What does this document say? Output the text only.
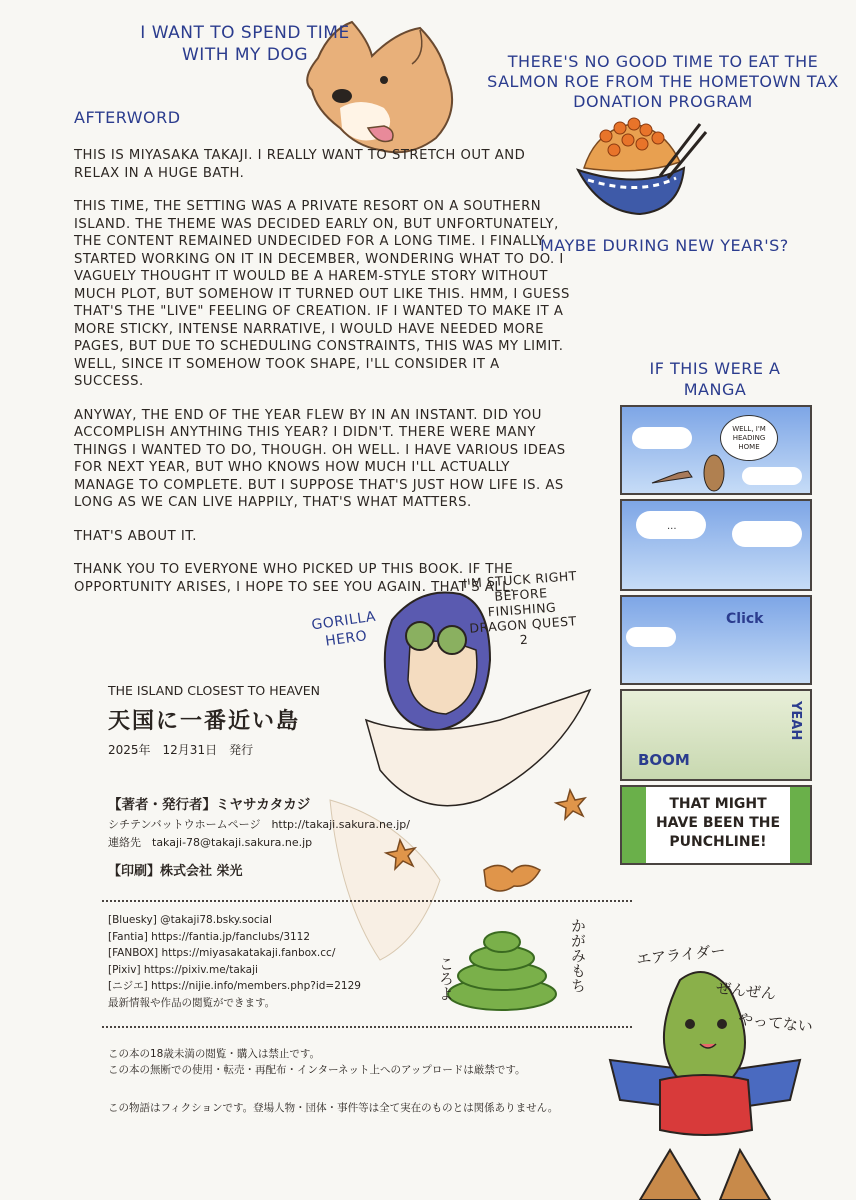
I WANT TO SPEND TIME WITH MY DOG	THERE'S NO GOOD TIME TO EAT THE SALMON ROE FROM THE HOMETOWN TAX DONATION PROGRAM
MAYBE DURING NEW YEAR'S?
IF THIS WERE A MANGA
AFTERWORD

THIS IS MIYASAKA TAKAJI. I REALLY WANT TO STRETCH OUT AND RELAX IN A HUGE BATH.

THIS TIME, THE SETTING WAS A PRIVATE RESORT ON A SOUTHERN ISLAND. THE THEME WAS DECIDED EARLY ON, BUT UNFORTUNATELY, THE CONTENT REMAINED UNDECIDED FOR A LONG TIME. I FINALLY STARTED WORKING ON IT IN DECEMBER, WONDERING WHAT TO DO. I VAGUELY THOUGHT IT WOULD BE A HAREM-STYLE STORY WITHOUT MUCH PLOT, BUT SOMEHOW IT TURNED OUT LIKE THIS. HMM, I GUESS THAT'S THE "LIVE" FEELING OF CREATION. IF I WANTED TO MAKE IT A MORE STICKY, INTENSE NARRATIVE, I WOULD HAVE NEEDED MORE PAGES, BUT DUE TO SCHEDULING CONSTRAINTS, THIS WAS MY LIMIT. WELL, SINCE IT SOMEHOW TOOK SHAPE, I'LL CONSIDER IT A SUCCESS.

ANYWAY, THE END OF THE YEAR FLEW BY IN AN INSTANT. DID YOU ACCOMPLISH ANYTHING THIS YEAR? I DIDN'T. THERE WERE MANY THINGS I WANTED TO DO, THOUGH. OH WELL. I HAVE VARIOUS IDEAS FOR NEXT YEAR, BUT WHO KNOWS HOW MUCH I'LL ACTUALLY MANAGE TO COMPLETE. BUT I SUPPOSE THAT'S JUST HOW LIFE IS. AS LONG AS WE CAN LIVE HAPPILY, THAT'S WHAT MATTERS.

THAT'S ABOUT IT.

THANK YOU TO EVERYONE WHO PICKED UP THIS BOOK. IF THE OPPORTUNITY ARISES, I HOPE TO SEE YOU AGAIN. THAT'S ALL.

GORILLA HERO
I'M STUCK RIGHT BEFORE FINISHING DRAGON QUEST 2
THE ISLAND CLOSEST TO HEAVEN
天国に一番近い島
2025年　12月31日　発行
【著者・発行者】ミヤサカタカジ
シチテンバットウホームページ　http://takaji.sakura.ne.jp/
連絡先　takaji-78@takaji.sakura.ne.jp
【印刷】株式会社 栄光
[Bluesky] @takaji78.bsky.social
[Fantia] https://fantia.jp/fanclubs/3112
[FANBOX] https://miyasakatakaji.fanbox.cc/
[Pixiv] https://pixiv.me/takaji
[ニジエ] https://nijie.info/members.php?id=2129
最新情報や作品の閲覧ができます。
この本の18歳未満の閲覧・購入は禁止です。
この本の無断での使用・転売・再配布・インターネット上へのアップロードは厳禁です。
この物語はフィクションです。登場人物・団体・事件等は全て実在のものとは関係ありません。
かがみもち
ころよ
エアライダー
ぜんぜん
やってない
WELL, I'M HEADING HOME
...
Click
BOOM
YEAH
THAT MIGHT HAVE BEEN THE PUNCHLINE!
